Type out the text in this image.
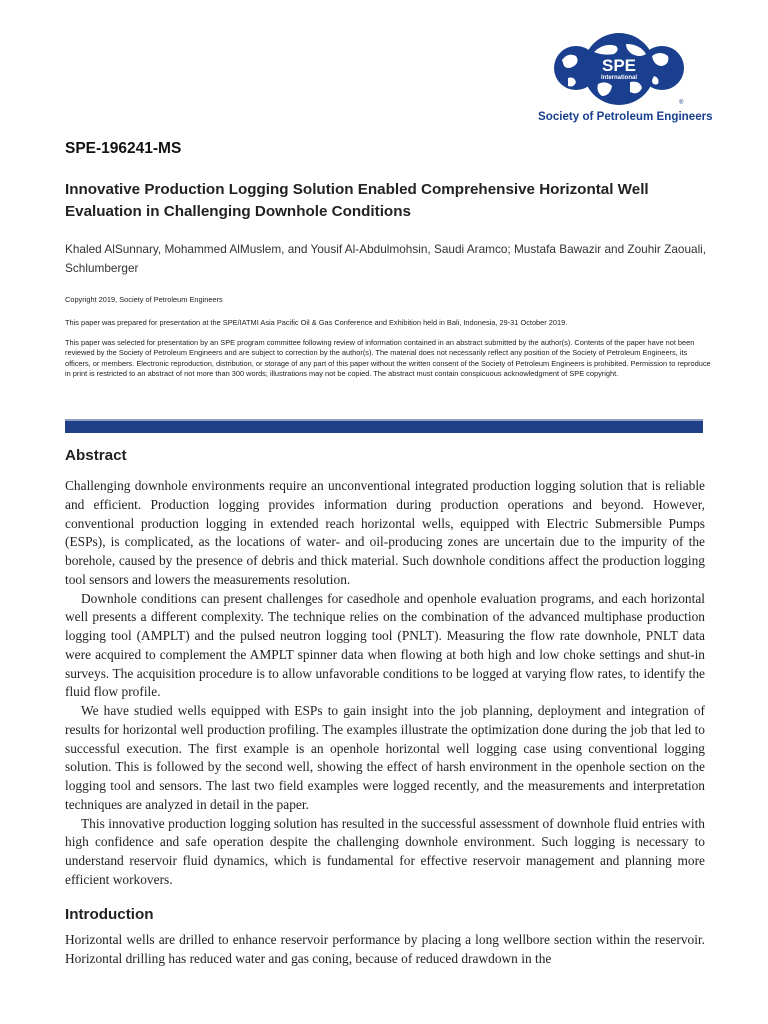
SPE
International
®
Society of Petroleum Engineers
SPE-196241-MS
Innovative Production Logging Solution Enabled Comprehensive Horizontal Well Evaluation in Challenging Downhole Conditions
Khaled AlSunnary, Mohammed AlMuslem, and Yousif Al-Abdulmohsin, Saudi Aramco; Mustafa Bawazir and Zouhir Zaouali, Schlumberger

Copyright 2019, Society of Petroleum Engineers

This paper was prepared for presentation at the SPE/IATMI Asia Pacific Oil & Gas Conference and Exhibition held in Bali, Indonesia, 29-31 October 2019.

This paper was selected for presentation by an SPE program committee following review of information contained in an abstract submitted by the author(s). Contents of the paper have not been reviewed by the Society of Petroleum Engineers and are subject to correction by the author(s). The material does not necessarily reflect any position of the Society of Petroleum Engineers, its officers, or members. Electronic reproduction, distribution, or storage of any part of this paper without the written consent of the Society of Petroleum Engineers is prohibited. Permission to reproduce in print is restricted to an abstract of not more than 300 words; illustrations may not be copied. The abstract must contain conspicuous acknowledgment of SPE copyright.

Abstract

Challenging downhole environments require an unconventional integrated production logging solution that is reliable and efficient. Production logging provides information during production operations and beyond. However, conventional production logging in extended reach horizontal wells, equipped with Electric Submersible Pumps (ESPs), is complicated, as the locations of water- and oil-producing zones are uncertain due to the impurity of the borehole, caused by the presence of debris and thick material. Such downhole conditions affect the production logging tool sensors and lowers the measurements resolution.

Downhole conditions can present challenges for casedhole and openhole evaluation programs, and each horizontal well presents a different complexity. The technique relies on the combination of the advanced multiphase production logging tool (AMPLT) and the pulsed neutron logging tool (PNLT). Measuring the flow rate downhole, PNLT data were acquired to complement the AMPLT spinner data when flowing at both high and low choke settings and shut-in surveys. The acquisition procedure is to allow unfavorable conditions to be logged at varying flow rates, to identify the fluid flow profile.

We have studied wells equipped with ESPs to gain insight into the job planning, deployment and integration of results for horizontal well production profiling. The examples illustrate the optimization done during the job that led to successful execution. The first example is an openhole horizontal well logging case using conventional logging solution. This is followed by the second well, showing the effect of harsh environment in the openhole section on the logging tool and sensors. The last two field examples were logged recently, and the measurements and interpretation techniques are analyzed in detail in the paper.

This innovative production logging solution has resulted in the successful assessment of downhole fluid entries with high confidence and safe operation despite the challenging downhole environment. Such logging is necessary to understand reservoir fluid dynamics, which is fundamental for effective reservoir management and planning more efficient workovers.

Introduction

Horizontal wells are drilled to enhance reservoir performance by placing a long wellbore section within the reservoir. Horizontal drilling has reduced water and gas coning, because of reduced drawdown in the
